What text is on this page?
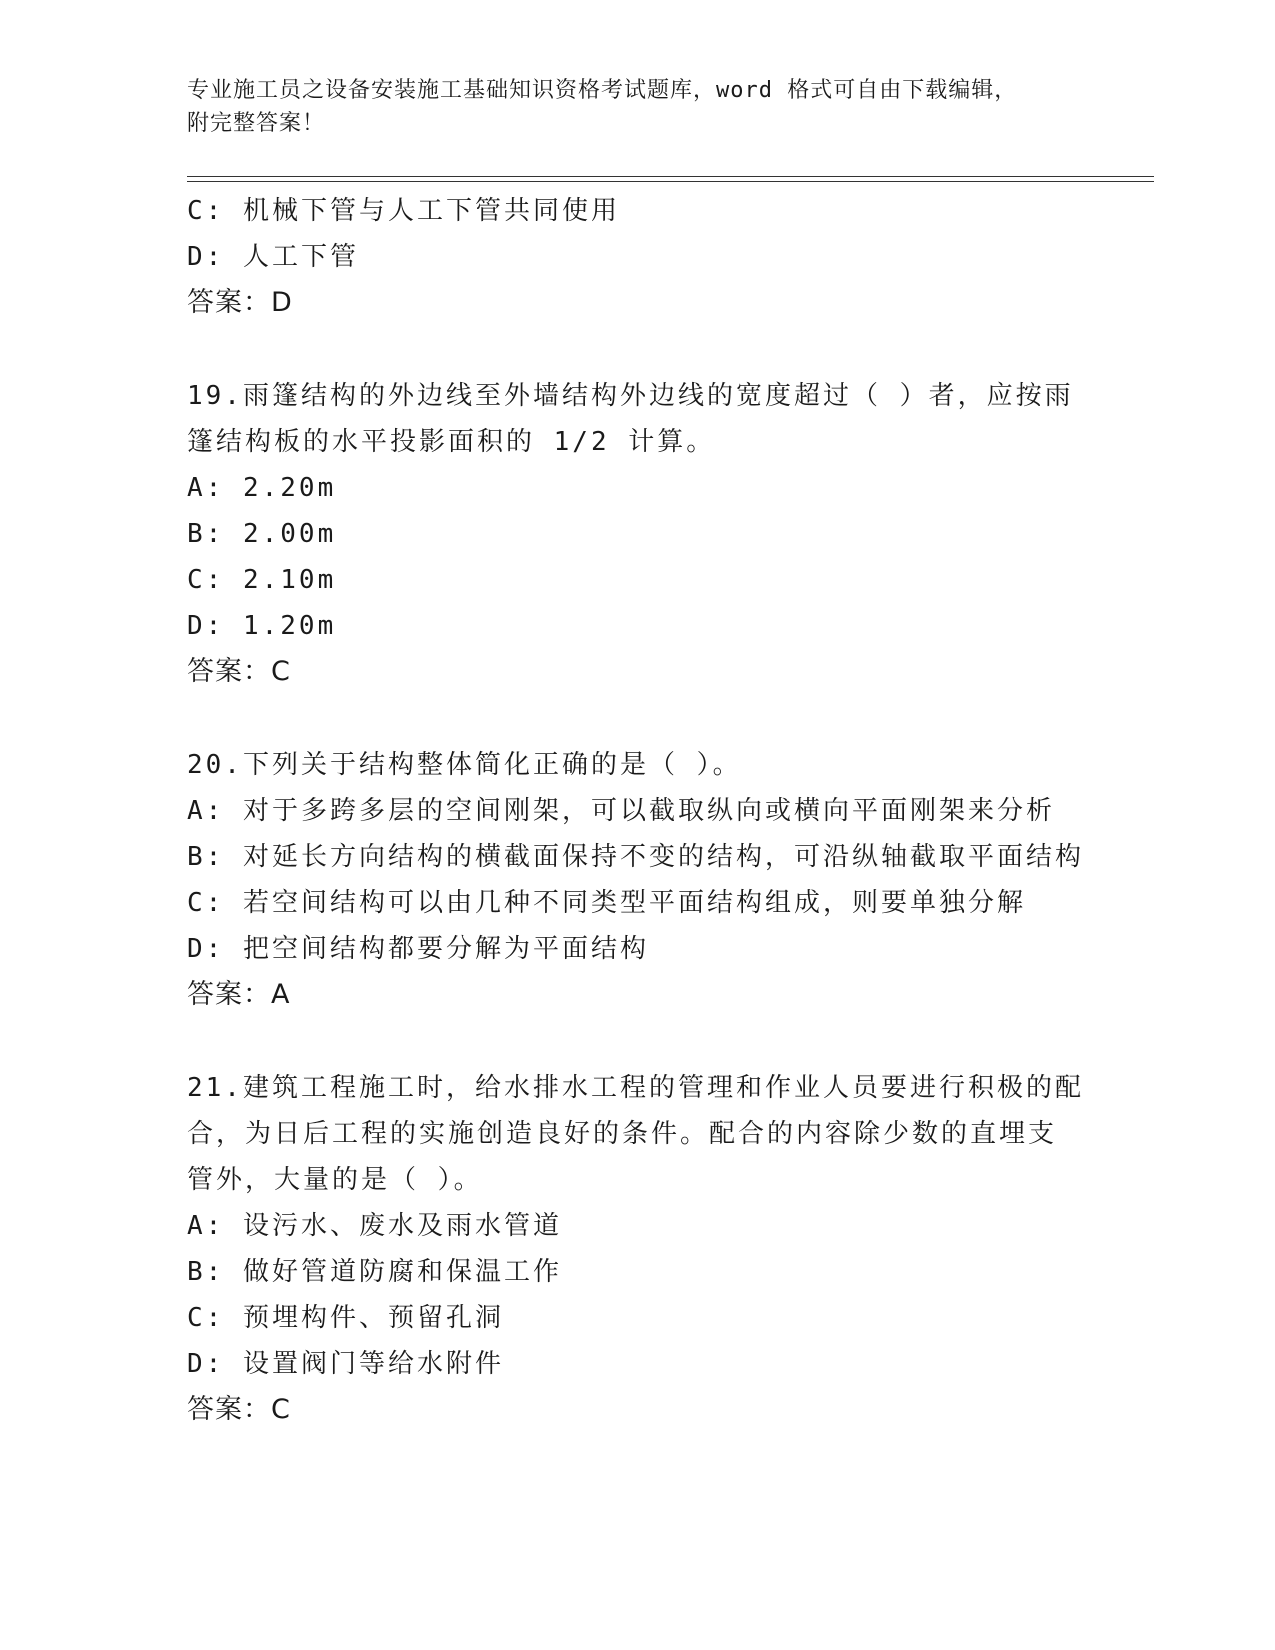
专业施工员之设备安装施工基础知识资格考试题库，word 格式可自由下载编辑，
附完整答案！
C: 机械下管与人工下管共同使用
D: 人工下管
答案：D
19.雨篷结构的外边线至外墙结构外边线的宽度超过（ ）者，应按雨
篷结构板的水平投影面积的 1/2 计算。
A: 2.20m
B: 2.00m
C: 2.10m
D: 1.20m
答案：C
20.下列关于结构整体简化正确的是（ ）。
A: 对于多跨多层的空间刚架，可以截取纵向或横向平面刚架来分析
B: 对延长方向结构的横截面保持不变的结构，可沿纵轴截取平面结构
C: 若空间结构可以由几种不同类型平面结构组成，则要单独分解
D: 把空间结构都要分解为平面结构
答案：A
21.建筑工程施工时，给水排水工程的管理和作业人员要进行积极的配
合，为日后工程的实施创造良好的条件。配合的内容除少数的直埋支
管外，大量的是（ ）。
A: 设污水、废水及雨水管道
B: 做好管道防腐和保温工作
C: 预埋构件、预留孔洞
D: 设置阀门等给水附件
答案：C
